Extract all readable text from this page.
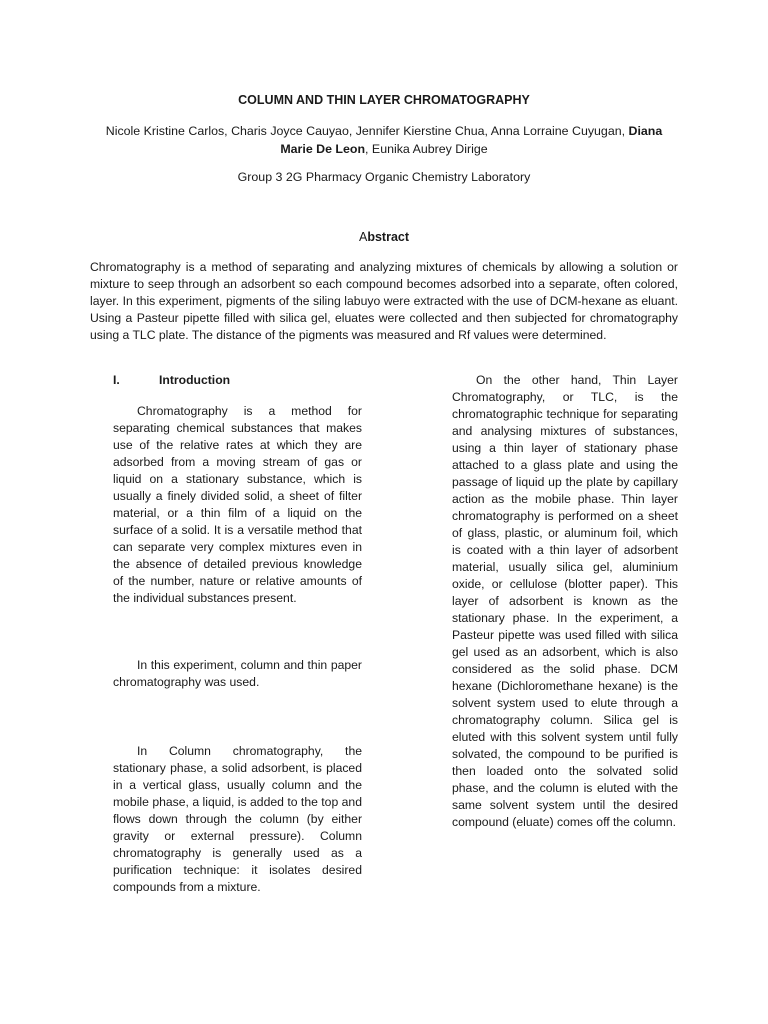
COLUMN AND THIN LAYER CHROMATOGRAPHY
Nicole Kristine Carlos, Charis Joyce Cauyao, Jennifer Kierstine Chua, Anna Lorraine Cuyugan, Diana Marie De Leon, Eunika Aubrey Dirige
Group 3 2G Pharmacy Organic Chemistry Laboratory
Abstract
Chromatography is a method of separating and analyzing mixtures of chemicals by allowing a solution or mixture to seep through an adsorbent so each compound becomes adsorbed into a separate, often colored, layer. In this experiment, pigments of the siling labuyo were extracted with the use of DCM-hexane as eluant. Using a Pasteur pipette filled with silica gel, eluates were collected and then subjected for chromatography using a TLC plate. The distance of the pigments was measured and Rf values were determined.
I.	Introduction

Chromatography is a method for separating chemical substances that makes use of the relative rates at which they are adsorbed from a moving stream of gas or liquid on a stationary substance, which is usually a finely divided solid, a sheet of filter material, or a thin film of a liquid on the surface of a solid. It is a versatile method that can separate very complex mixtures even in the absence of detailed previous knowledge of the number, nature or relative amounts of the individual substances present.

In this experiment, column and thin paper chromatography was used.

In Column chromatography, the stationary phase, a solid adsorbent, is placed in a vertical glass, usually column and the mobile phase, a liquid, is added to the top and flows down through the column (by either gravity or external pressure). Column chromatography is generally used as a purification technique: it isolates desired compounds from a mixture.

On the other hand, Thin Layer Chromatography, or TLC, is the chromatographic technique for separating and analysing mixtures of substances, using a thin layer of stationary phase attached to a glass plate and using the passage of liquid up the plate by capillary action as the mobile phase. Thin layer chromatography is performed on a sheet of glass, plastic, or aluminum foil, which is coated with a thin layer of adsorbent material, usually silica gel, aluminium oxide, or cellulose (blotter paper). This layer of adsorbent is known as the stationary phase. In the experiment, a Pasteur pipette was used filled with silica gel used as an adsorbent, which is also considered as the solid phase. DCM hexane (Dichloromethane hexane) is the solvent system used to elute through a chromatography column. Silica gel is eluted with this solvent system until fully solvated, the compound to be purified is then loaded onto the solvated solid phase, and the column is eluted with the same solvent system until the desired compound (eluate) comes off the column.
